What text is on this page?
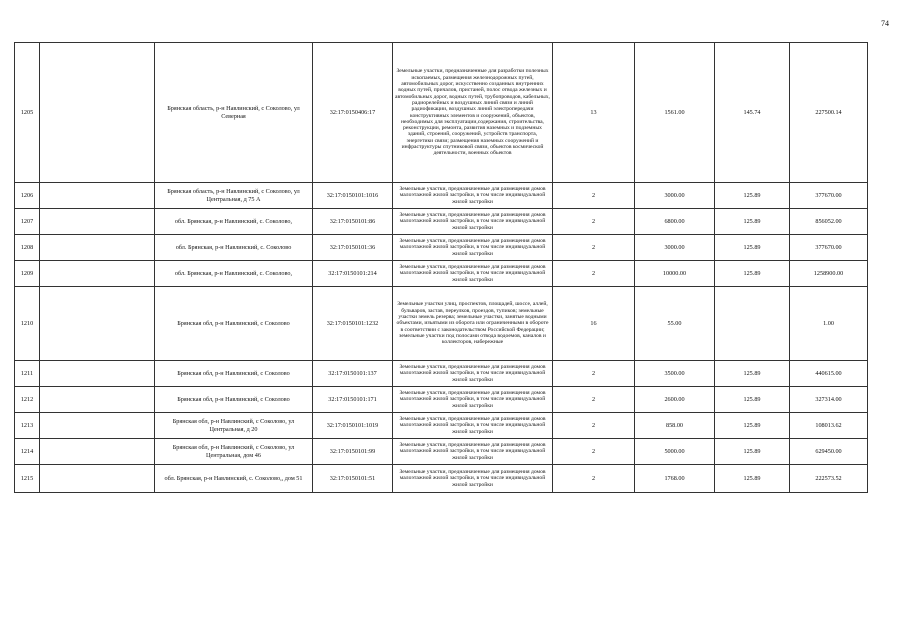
74
1205		Брянская область, р-н Навлинский, с Соколово, ул Северная	32:17:0150406:17	Земельные участки, предназначенные для разработки полезных ископаемых, размещения железнодорожных путей, автомобильных дорог, искусственно созданных внутренних водных путей, причалов, пристаней, полос отвода железных и автомобильных дорог, водных путей, трубопроводов, кабельных, радиорелейных и воздушных линий связи и линий радиофикации, воздушных линий электропередачи конструктивных элементов и сооружений, объектов, необходимых для эксплуатации,содержания, строительства, реконструкции, ремонта, развития наземных и подземных зданий, строений, сооружений, устройств транспорта, энергетики связи; размещения наземных сооружений и инфраструктуры спутниковой связи, объектов космической деятельности, военных объектов	13	1561.00	145.74	227500.14
1206		Брянская область, р-н Навлинский, с Соколово, ул Центральная, д 75 А	32:17:0150101:1016	Земельные участки, предназначенные для размещения домов малоэтажной жилой застройки, в том числе индивидуальной жилой застройки	2	3000.00	125.89	377670.00
1207		обл. Брянская, р-н Навлинский, с. Соколово,	32:17:0150101:86	Земельные участки, предназначенные для размещения домов малоэтажной жилой застройки, в том числе индивидуальной жилой застройки	2	6800.00	125.89	856052.00
1208		обл. Брянская, р-н Навлинский, с. Соколово	32:17:0150101:36	Земельные участки, предназначенные для размещения домов малоэтажной жилой застройки, в том числе индивидуальной жилой застройки	2	3000.00	125.89	377670.00
1209		обл. Брянская, р-н Навлинский, с. Соколово,	32:17:0150101:214	Земельные участки, предназначенные для размещения домов малоэтажной жилой застройки, в том числе индивидуальной жилой застройки	2	10000.00	125.89	1258900.00
1210		Брянская обл, р-н Навлинский, с Соколово	32:17:0150101:1232	Земельные участки улиц, проспектов, площадей, шоссе, аллей, бульваров, застав, переулков, проездов, тупиков; земельные участки земель резерва; земельные участки, занятые водными объектами, изъятыми из оборота или ограниченными в обороте в соответствии с законодательством Российской Федерации; земельные участки под полосами отвода водоемов, каналов и коллекторов, набережные	16	55.00		1.00
1211		Брянская обл, р-н Навлинский, с Соколово	32:17:0150101:137	Земельные участки, предназначенные для размещения домов малоэтажной жилой застройки, в том числе индивидуальной жилой застройки	2	3500.00	125.89	440615.00
1212		Брянская обл, р-н Навлинский, с Соколово	32:17:0150101:171	Земельные участки, предназначенные для размещения домов малоэтажной жилой застройки, в том числе индивидуальной жилой застройки	2	2600.00	125.89	327314.00
1213		Брянская обл, р-н Навлинский, с Соколово, ул Центральная, д 20	32:17:0150101:1019	Земельные участки, предназначенные для размещения домов малоэтажной жилой застройки, в том числе индивидуальной жилой застройки	2	858.00	125.89	108013.62
1214		Брянская обл, р-н Навлинский, с Соколово, ул Центральная, дом 46	32:17:0150101:99	Земельные участки, предназначенные для размещения домов малоэтажной жилой застройки, в том числе индивидуальной жилой застройки	2	5000.00	125.89	629450.00
1215		обл. Брянская, р-н Навлинский, с. Соколово,, дом 51	32:17:0150101:51	Земельные участки, предназначенные для размещения домов малоэтажной жилой застройки, в том числе индивидуальной жилой застройки	2	1768.00	125.89	222573.52
